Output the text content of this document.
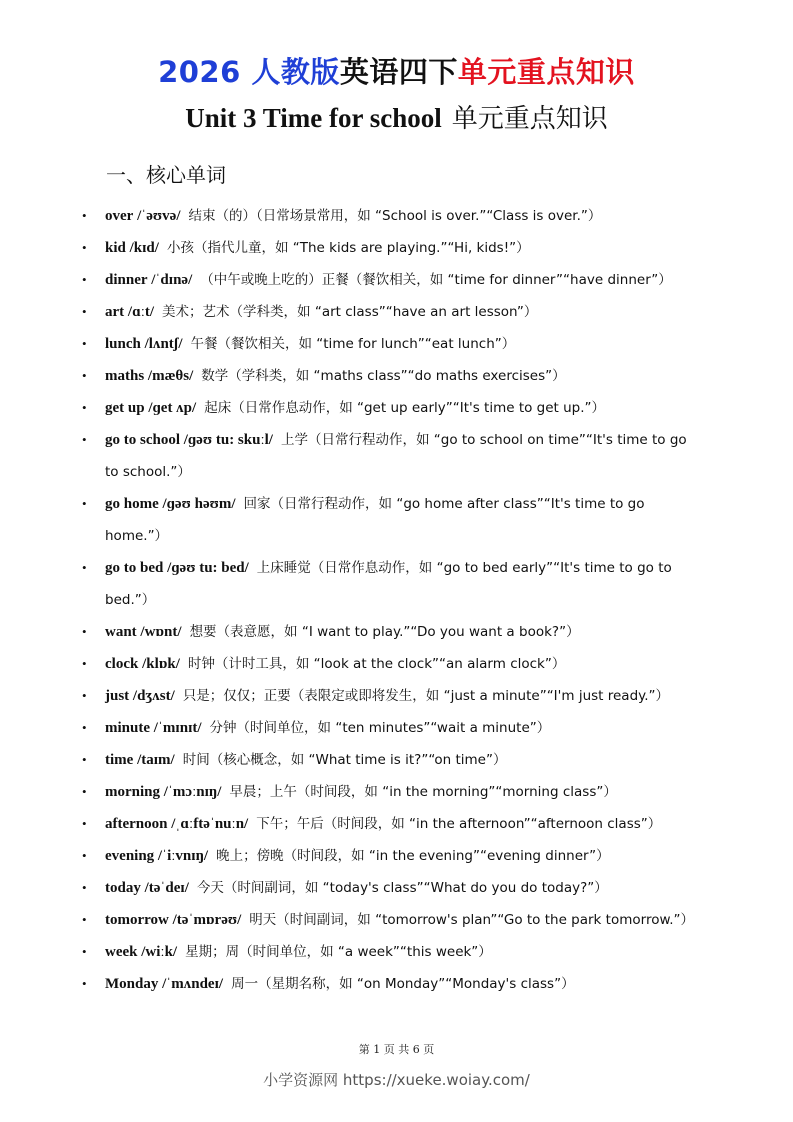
2026 人教版英语四下单元重点知识
Unit 3 Time for school 单元重点知识
一、核心单词
• over /ˈəʊvə/ 结束（的）（日常场景常用，如 “School is over.”“Class is over.”）
• kid /kɪd/ 小孩（指代儿童，如 “The kids are playing.”“Hi, kids!”）
• dinner /ˈdɪnə/ （中午或晚上吃的）正餐（餐饮相关，如 “time for dinner”“have dinner”）
• art /ɑːt/ 美术；艺术（学科类，如 “art class”“have an art lesson”）
• lunch /lʌntʃ/ 午餐（餐饮相关，如 “time for lunch”“eat lunch”）
• maths /mæθs/ 数学（学科类，如 “maths class”“do maths exercises”）
• get up /ɡet ʌp/ 起床（日常作息动作，如 “get up early”“It's time to get up.”）
• go to school /ɡəʊ tu: skuːl/ 上学（日常行程动作，如 “go to school on time”“It's time to go to school.”）
• go home /ɡəʊ həʊm/ 回家（日常行程动作，如 “go home after class”“It's time to go home.”）
• go to bed /ɡəʊ tu: bed/ 上床睡觉（日常作息动作，如 “go to bed early”“It's time to go to bed.”）
• want /wɒnt/ 想要（表意愿，如 “I want to play.”“Do you want a book?”）
• clock /klɒk/ 时钟（计时工具，如 “look at the clock”“an alarm clock”）
• just /dʒʌst/ 只是；仅仅；正要（表限定或即将发生，如 “just a minute”“I'm just ready.”）
• minute /ˈmɪnɪt/ 分钟（时间单位，如 “ten minutes”“wait a minute”）
• time /taɪm/ 时间（核心概念，如 “What time is it?”“on time”）
• morning /ˈmɔːnɪŋ/ 早晨；上午（时间段，如 “in the morning”“morning class”）
• afternoon /ˌɑːftəˈnuːn/ 下午；午后（时间段，如 “in the afternoon”“afternoon class”）
• evening /ˈiːvnɪŋ/ 晚上；傍晚（时间段，如 “in the evening”“evening dinner”）
• today /təˈdeɪ/ 今天（时间副词，如 “today's class”“What do you do today?”）
• tomorrow /təˈmɒrəʊ/ 明天（时间副词，如 “tomorrow's plan”“Go to the park tomorrow.”）
• week /wiːk/ 星期；周（时间单位，如 “a week”“this week”）
• Monday /ˈmʌndeɪ/ 周一（星期名称，如 “on Monday”“Monday's class”）
第 1 页 共 6 页
小学资源网 https://xueke.woiay.com/
